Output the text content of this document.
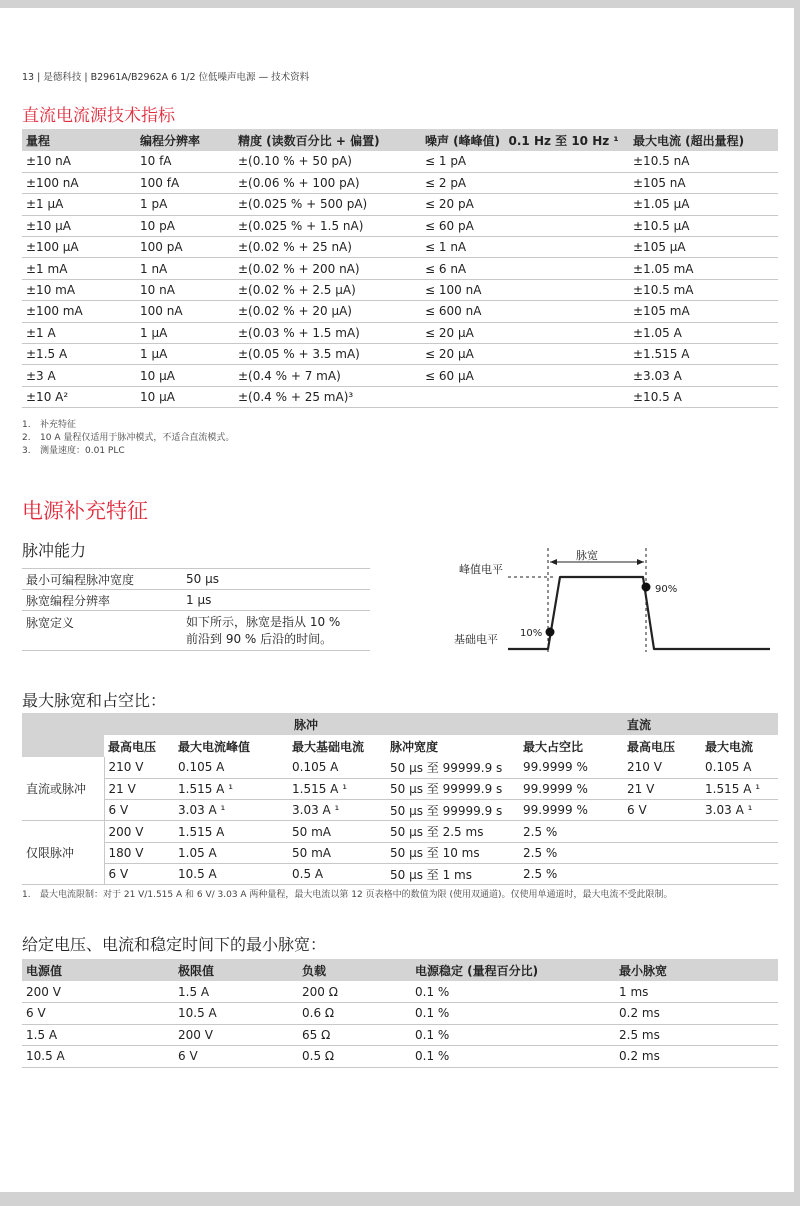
13 | 是德科技 | B2961A/B2962A 6 1/2 位低噪声电源 — 技术资料
直流电流源技术指标
量程	编程分辨率	精度 (读数百分比 + 偏置)	噪声 (峰峰值) 0.1 Hz 至 10 Hz ¹	最大电流 (超出量程)
±10 nA	10 fA	±(0.10 % + 50 pA)	≤ 1 pA	±10.5 nA
±100 nA	100 fA	±(0.06 % + 100 pA)	≤ 2 pA	±105 nA
±1 μA	1 pA	±(0.025 % + 500 pA)	≤ 20 pA	±1.05 μA
±10 μA	10 pA	±(0.025 % + 1.5 nA)	≤ 60 pA	±10.5 μA
±100 μA	100 pA	±(0.02 % + 25 nA)	≤ 1 nA	±105 μA
±1 mA	1 nA	±(0.02 % + 200 nA)	≤ 6 nA	±1.05 mA
±10 mA	10 nA	±(0.02 % + 2.5 μA)	≤ 100 nA	±10.5 mA
±100 mA	100 nA	±(0.02 % + 20 μA)	≤ 600 nA	±105 mA
±1 A	1 μA	±(0.03 % + 1.5 mA)	≤ 20 μA	±1.05 A
±1.5 A	1 μA	±(0.05 % + 3.5 mA)	≤ 20 μA	±1.515 A
±3 A	10 μA	±(0.4 % + 7 mA)	≤ 60 μA	±3.03 A
±10 A²	10 μA	±(0.4 % + 25 mA)³		±10.5 A
1. 补充特征
2. 10 A 量程仅适用于脉冲模式，不适合直流模式。
3. 测量速度：0.01 PLC
电源补充特征
脉冲能力
最小可编程脉冲宽度	50 μs
脉宽编程分辨率	1 μs
脉宽定义	如下所示，脉宽是指从 10 %
前沿到 90 % 后沿的时间。
脉宽
峰值电平
基础电平 10%
90%
最大脉宽和占空比：
	脉冲					直流	
	最高电压	最大电流峰值	最大基础电流	脉冲宽度	最大占空比	最高电压	最大电流
直流或脉冲	210 V	0.105 A	0.105 A	50 μs 至 99999.9 s	99.9999 %	210 V	0.105 A
	21 V	1.515 A ¹	1.515 A ¹	50 μs 至 99999.9 s	99.9999 %	21 V	1.515 A ¹
	6 V	3.03 A ¹	3.03 A ¹	50 μs 至 99999.9 s	99.9999 %	6 V	3.03 A ¹
仅限脉冲	200 V	1.515 A	50 mA	50 μs 至 2.5 ms	2.5 %		
	180 V	1.05 A	50 mA	50 μs 至 10 ms	2.5 %		
	6 V	10.5 A	0.5 A	50 μs 至 1 ms	2.5 %		
1. 最大电流限制：对于 21 V/1.515 A 和 6 V/ 3.03 A 两种量程，最大电流以第 12 页表格中的数值为限 (使用双通道)。仅使用单通道时，最大电流不受此限制。
给定电压、电流和稳定时间下的最小脉宽：
电源值	极限值	负载	电源稳定 (量程百分比)	最小脉宽
200 V	1.5 A	200 Ω	0.1 %	1 ms
6 V	10.5 A	0.6 Ω	0.1 %	0.2 ms
1.5 A	200 V	65 Ω	0.1 %	2.5 ms
10.5 A	6 V	0.5 Ω	0.1 %	0.2 ms
